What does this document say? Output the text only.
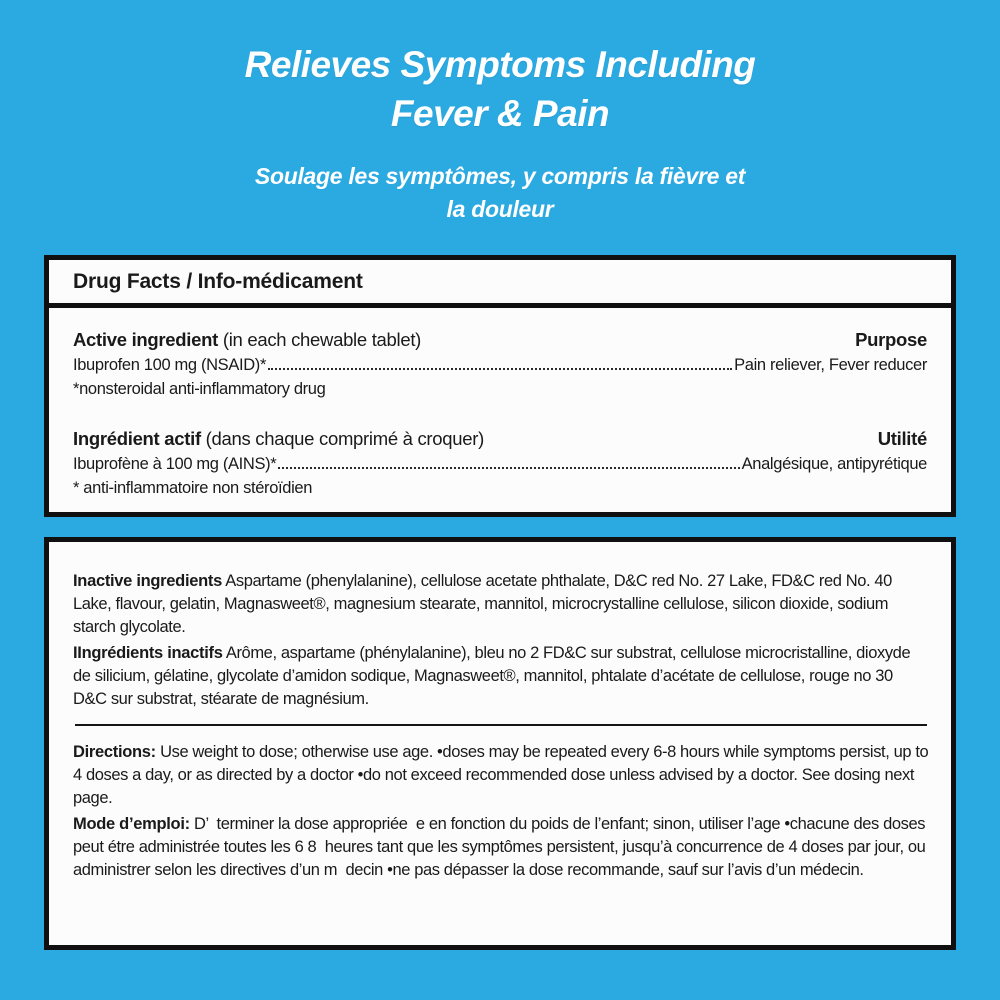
Relieves Symptoms Including
Fever & Pain
Soulage les symptômes, y compris la fièvre et
la douleur
Drug Facts / Info-médicament
Active ingredient (in each chewable tablet)	Purpose
Ibuprofen 100 mg (NSAID)*	Pain reliever, Fever reducer
*nonsteroidal anti-inflammatory drug
Ingrédient actif (dans chaque comprimé à croquer)	Utilité
Ibuprofène à 100 mg (AINS)*	Analgésique, antipyrétique
* anti-inflammatoire non stéroïdien

Inactive ingredients Aspartame (phenylalanine), cellulose acetate phthalate, D&C red No. 27 Lake, FD&C red No. 40 Lake, flavour, gelatin, Magnasweet®, magnesium stearate, mannitol, microcrystalline cellulose, silicon dioxide, sodium starch glycolate.

IIngrédients inactifs Arôme, aspartame (phénylalanine), bleu no 2 FD&C sur substrat, cellulose microcristalline, dioxyde de silicium, gélatine, glycolate d’amidon sodique, Magnasweet®, mannitol, phtalate d’acétate de cellulose, rouge no 30 D&C sur substrat, stéarate de magnésium.

Directions: Use weight to dose; otherwise use age. •doses may be repeated every 6-8 hours while symptoms persist, up to 4 doses a day, or as directed by a doctor •do not exceed recommended dose unless advised by a doctor. See dosing next page.

Mode d’emploi: D’  terminer la dose appropriée  e en fonction du poids de l’enfant; sinon, utiliser l’age •chacune des doses peut étre administrée toutes les 6 8  heures tant que les symptômes persistent, jusqu’à concurrence de 4 doses par jour, ou administrer selon les directives d’un m  decin •ne pas dépasser la dose recommande, sauf sur l’avis d’un médecin.
